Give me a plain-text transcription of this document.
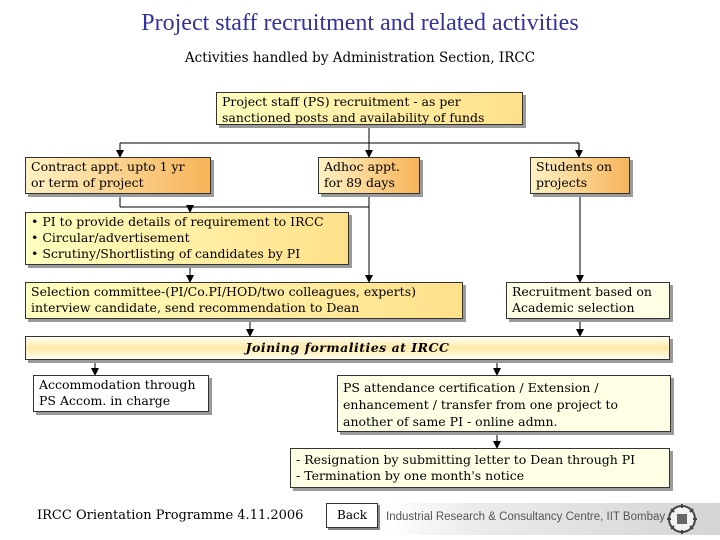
Project staff recruitment and related activities
Activities handled by Administration Section, IRCC
Project staff (PS) recruitment - as per
sanctioned posts and availability of funds
Contract appt. upto 1 yr
or term of project
Adhoc appt.
for 89 days
Students on
projects
• PI to provide details of requirement to IRCC
• Circular/advertisement
• Scrutiny/Shortlisting of candidates by PI
Selection committee-(PI/Co.PI/HOD/two colleagues, experts)
interview candidate, send recommendation to Dean
Recruitment based on
Academic selection
Joining formalities at IRCC
Accommodation through
PS Accom. in charge
PS attendance certification / Extension /
enhancement / transfer from one project to
another of same PI - online admn.
- Resignation by submitting letter to Dean through PI
- Termination by one month's notice
IRCC Orientation Programme 4.11.2006	Back	Industrial Research & Consultancy Centre, IIT Bombay
